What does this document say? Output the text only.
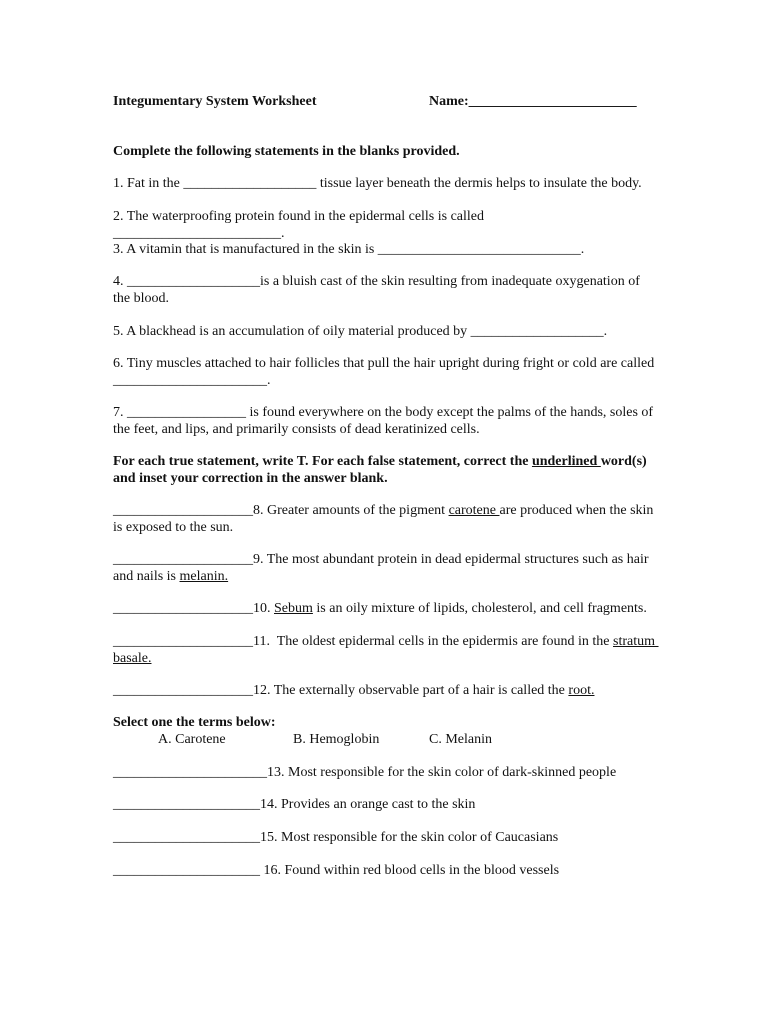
Integumentary System Worksheet	Name:________________________
Complete the following statements in the blanks provided.
1. Fat in the ___________________ tissue layer beneath the dermis helps to insulate the body.
2. The waterproofing protein found in the epidermal cells is called ________________________.
3. A vitamin that is manufactured in the skin is _____________________________.
4. ___________________is a bluish cast of the skin resulting from inadequate oxygenation of the blood.
5. A blackhead is an accumulation of oily material produced by ___________________.
6. Tiny muscles attached to hair follicles that pull the hair upright during fright or cold are called ______________________.
7. _________________ is found everywhere on the body except the palms of the hands, soles of the feet, and lips, and primarily consists of dead keratinized cells.
For each true statement, write T. For each false statement, correct the underlined word(s) and inset your correction in the answer blank.
____________________8. Greater amounts of the pigment carotene are produced when the skin is exposed to the sun.
____________________9. The most abundant protein in dead epidermal structures such as hair and nails is melanin.
____________________10. Sebum is an oily mixture of lipids, cholesterol, and cell fragments.
____________________11.  The oldest epidermal cells in the epidermis are found in the stratum basale.
____________________12. The externally observable part of a hair is called the root.
Select one the terms below:
A. Carotene	B. Hemoglobin	C. Melanin
______________________13. Most responsible for the skin color of dark-skinned people
_____________________14. Provides an orange cast to the skin
_____________________15. Most responsible for the skin color of Caucasians
_____________________ 16. Found within red blood cells in the blood vessels
